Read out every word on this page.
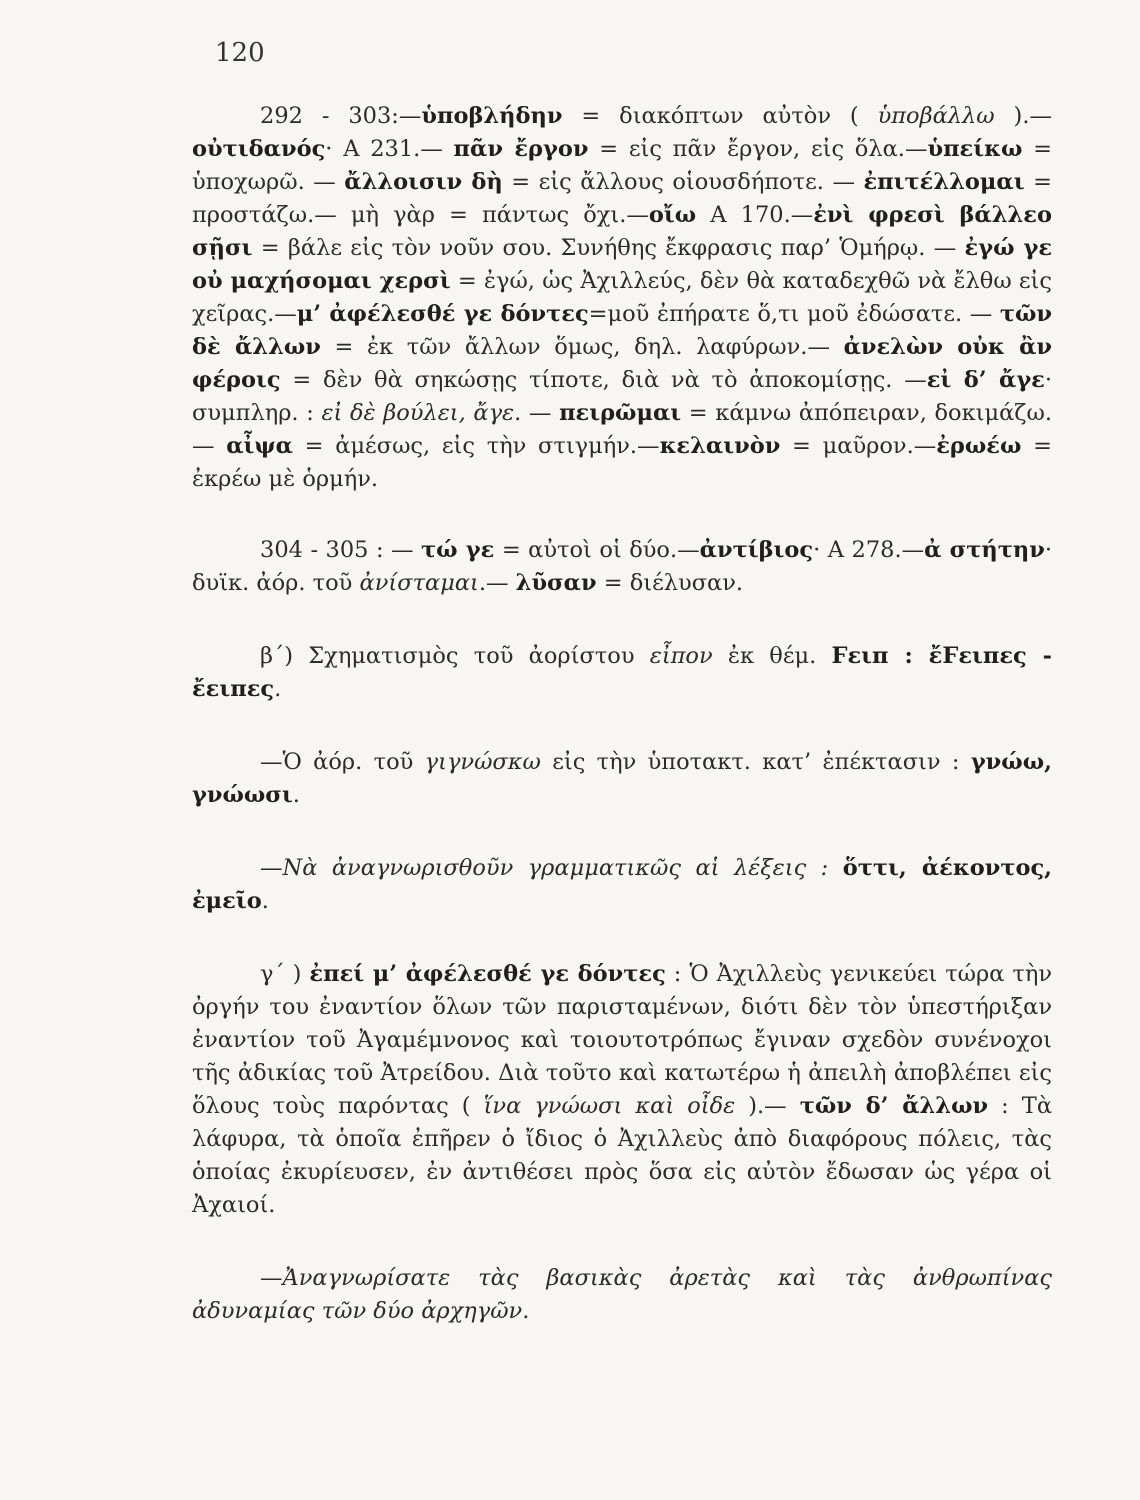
120

292 - 303:—ὑποβλήδην = διακόπτων αὐτὸν ( ὑποβάλλω ).—οὐτιδανός· Α 231.— πᾶν ἔργον = εἰς πᾶν ἔργον, εἰς ὅλα.—ὑπείκω = ὑποχωρῶ. — ἄλλοισιν δὴ = εἰς ἄλλους οἱουσδήποτε. — ἐπιτέλλομαι = προστάζω.— μὴ γὰρ = πάντως ὄχι.—οἴω Α 170.—ἐνὶ φρεσὶ βάλλεο σῇσι = βάλε εἰς τὸν νοῦν σου. Συνήθης ἔκφρασις παρ’ Ὁμήρῳ. — ἐγώ γε οὐ μαχήσομαι χερσὶ = ἐγώ, ὡς Ἀχιλλεύς, δὲν θὰ καταδεχθῶ νὰ ἔλθω εἰς χεῖρας.—μ’ ἀφέλεσθέ γε δόντες=μοῦ ἐπήρατε ὅ,τι μοῦ ἐδώσατε. — τῶν δὲ ἄλλων = ἐκ τῶν ἄλλων ὅμως, δηλ. λαφύρων.— ἀνελὼν οὐκ ἂν φέροις = δὲν θὰ σηκώσῃς τίποτε, διὰ νὰ τὸ ἀποκομίσῃς. —εἰ δ’ ἄγε· συμπληρ. : εἰ δὲ βούλει, ἄγε. — πειρῶμαι = κάμνω ἀπόπειραν, δοκιμάζω.— αἶψα = ἀμέσως, εἰς τὴν στιγμήν.—κελαινὸν = μαῦρον.—ἐρωέω = ἐκρέω μὲ ὁρμήν.

304 - 305 : — τώ γε = αὐτοὶ οἱ δύο.—ἀντίβιος· Α 278.—ἀ στήτην· δυϊκ. ἀόρ. τοῦ ἀνίσταμαι.— λῦσαν = διέλυσαν.

β΄) Σχηματισμὸς τοῦ ἀορίστου εἶπον ἐκ θέμ. Ϝειπ : ἔϜειπες - ἔειπες.

—Ὁ ἀόρ. τοῦ γιγνώσκω εἰς τὴν ὑποτακτ. κατ’ ἐπέκτασιν : γνώω, γνώωσι.

—Νὰ ἀναγνωρισθοῦν γραμματικῶς αἱ λέξεις : ὅττι, ἀέκοντος, ἐμεῖο.

γ΄ ) ἐπεί μ’ ἀφέλεσθέ γε δόντες : Ὁ Ἀχιλλεὺς γενικεύει τώρα τὴν ὀργήν του ἐναντίον ὅλων τῶν παρισταμένων, διότι δὲν τὸν ὑπεστήριξαν ἐναντίον τοῦ Ἀγαμέμνονος καὶ τοιουτοτρόπως ἔγιναν σχεδὸν συνένοχοι τῆς ἀδικίας τοῦ Ἀτρείδου. Διὰ τοῦτο καὶ κατωτέρω ἡ ἀπειλὴ ἀποβλέπει εἰς ὅλους τοὺς παρόντας ( ἵνα γνώωσι καὶ οἶδε ).— τῶν δ’ ἄλλων : Τὰ λάφυρα, τὰ ὁποῖα ἐπῆρεν ὁ ἴδιος ὁ Ἀχιλλεὺς ἀπὸ διαφόρους πόλεις, τὰς ὁποίας ἐκυρίευσεν, ἐν ἀντιθέσει πρὸς ὅσα εἰς αὐτὸν ἔδωσαν ὡς γέρα οἱ Ἀχαιοί.

—Ἀναγνωρίσατε τὰς βασικὰς ἀρετὰς καὶ τὰς ἀνθρωπίνας ἀδυναμίας τῶν δύο ἀρχηγῶν.
